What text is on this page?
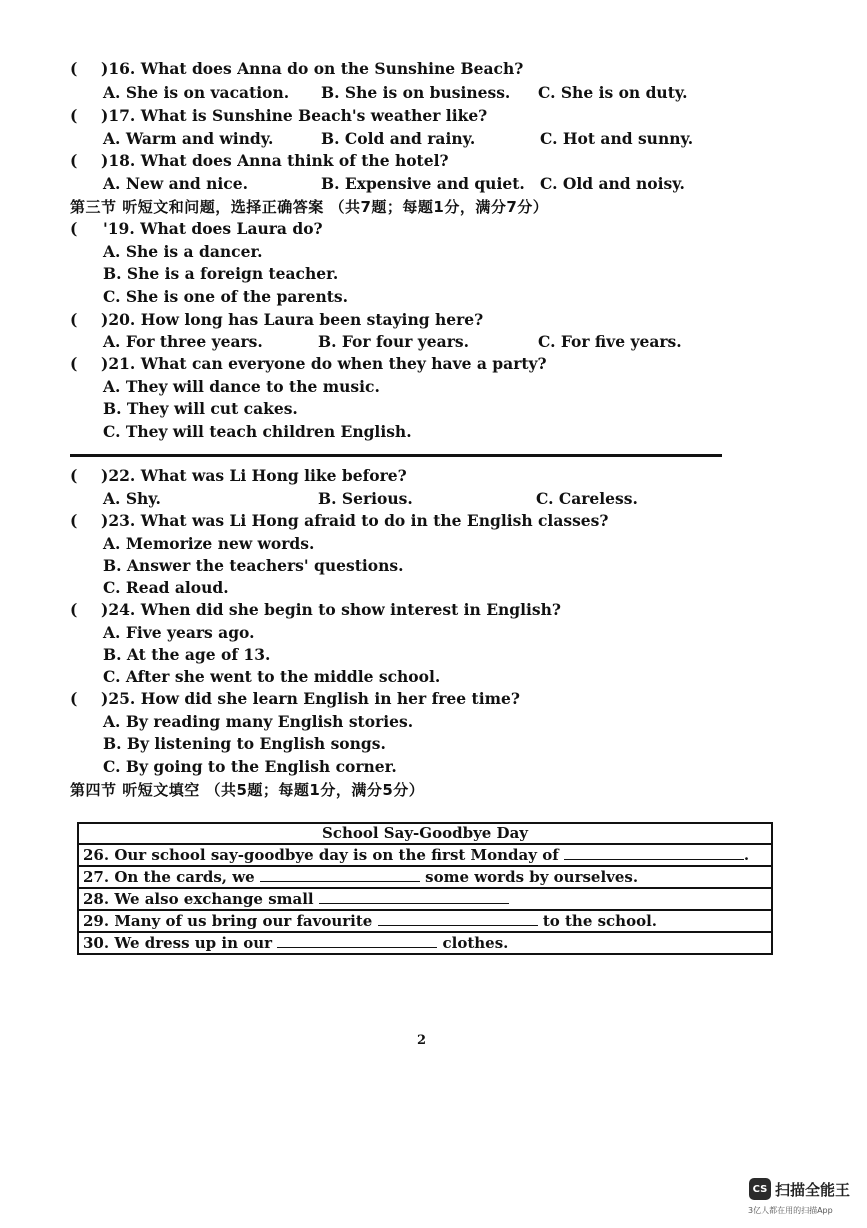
( )16. What does Anna do on the Sunshine Beach?
A. She is on vacation. B. She is on business. C. She is on duty.
( )17. What is Sunshine Beach's weather like?
A. Warm and windy.	B. Cold and rainy.	C. Hot and sunny.
( )18. What does Anna think of the hotel?
A. New and nice.	B. Expensive and quiet. C. Old and noisy.
第三节 听短文和问题，选择正确答案 （共7题；每题1分，满分7分）
( '19. What does Laura do?
A. She is a dancer.
B. She is a foreign teacher.
C. She is one of the parents.
( )20. How long has Laura been staying here?
A. For three years.	B. For four years.	C. For five years.
( )21. What can everyone do when they have a party?
A. They will dance to the music.
B. They will cut cakes.
C. They will teach children English.
( )22. What was Li Hong like before?
A. Shy.	B. Serious.	C. Careless.
( )23. What was Li Hong afraid to do in the English classes?
A. Memorize new words.
B. Answer the teachers' questions.
C. Read aloud.
( )24. When did she begin to show interest in English?
A. Five years ago.
B. At the age of 13.
C. After she went to the middle school.
( )25. How did she learn English in her free time?
A. By reading many English stories.
B. By listening to English songs.
C. By going to the English corner.
第四节 听短文填空 （共5题；每题1分，满分5分）
School Say-Goodbye Day
26. Our school say-goodbye day is on the first Monday of	.
27. On the cards, we	some words by ourselves.
28. We also exchange small
29. Many of us bring our favourite	to the school.
30. We dress up in our	clothes.
2
CS 扫描全能王
3亿人都在用的扫描App
